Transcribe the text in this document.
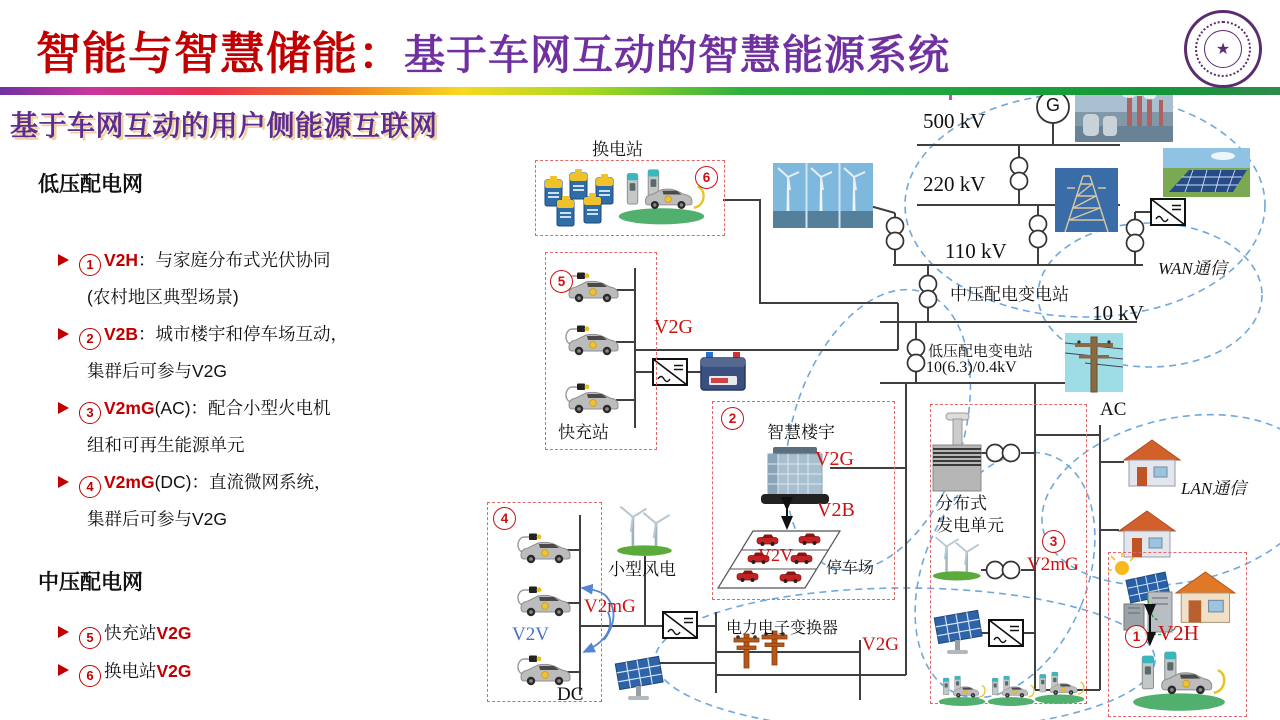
智能与智慧储能：基于车网互动的智慧能源系统
基于车网互动的用户侧能源互联网
★
低压配电网
1 V2H：与家庭分布式光伏协同
(农村地区典型场景)
2 V2B：城市楼宇和停车场互动，
集群后可参与V2G
3 V2mG(AC)：配合小型火电机
组和可再生能源单元
4 V2mG(DC)：直流微网系统，
集群后可参与V2G
中压配电网
5 快充站V2G
6 换电站V2G
500 kV
220 kV
110 kV
10 kV
G
WAN通信
LAN通信
中压配电变电站
低压配电变电站
10(6.3)/0.4kV
换电站
快充站	智慧楼宇
停车场
小型风电
电力电子变换器
分布式
发电单元
AC
DC
V2G
V2G
V2B
V2V
V2mG
V2G
V2mG
V2H
V2V
6
5
4
2
3
1
